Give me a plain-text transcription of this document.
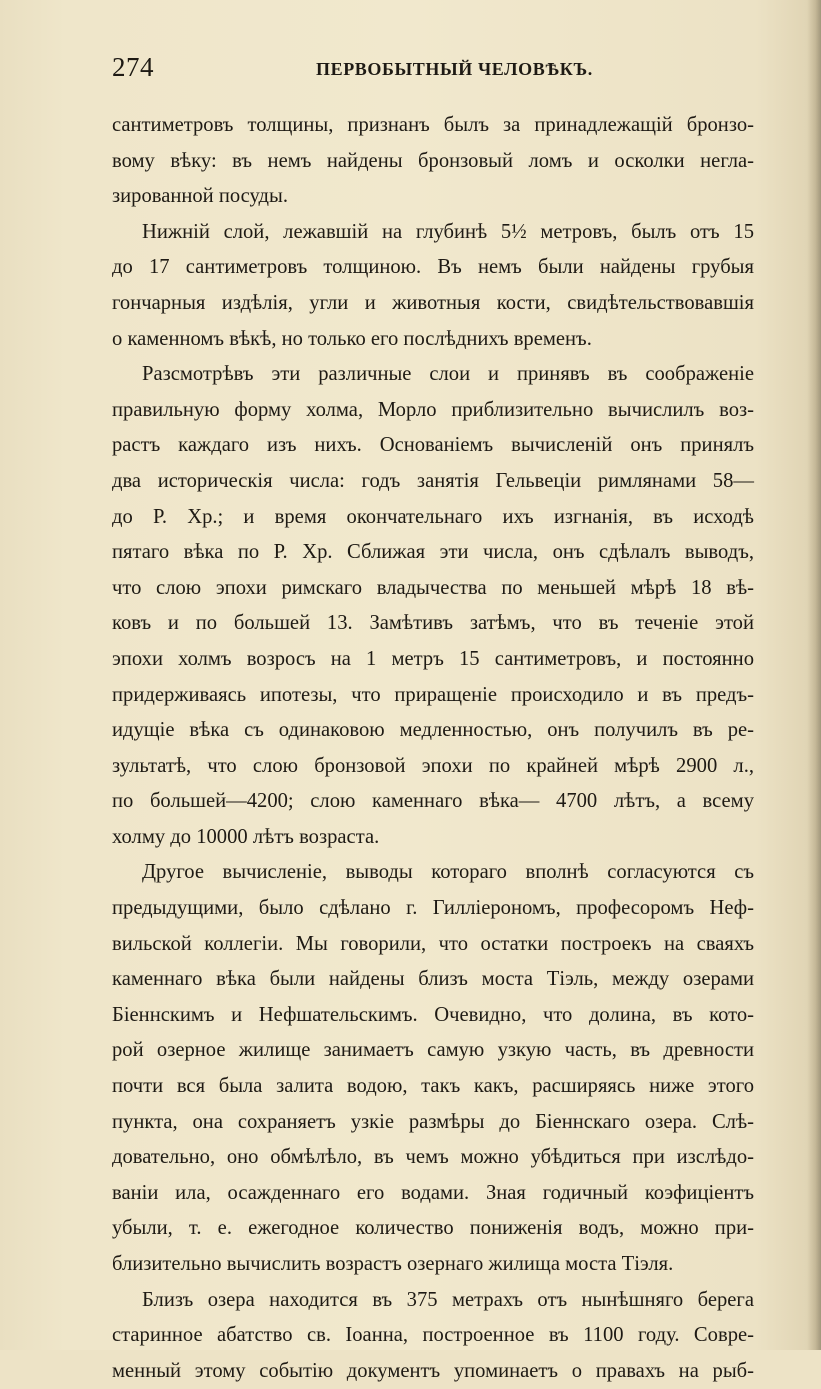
274	ПЕРВОБЫТНЫЙ ЧЕЛОВѢКЪ.

сантиметровъ толщины, признанъ былъ за принадлежащій бронзо-
вому вѣку: въ немъ найдены бронзовый ломъ и осколки негла-
зированной посуды.

Нижній слой, лежавшій на глубинѣ 5½ метровъ, былъ отъ 15
до 17 сантиметровъ толщиною. Въ немъ были найдены грубыя
гончарныя издѣлія, угли и животныя кости, свидѣтельствовавшія
о каменномъ вѣкѣ, но только его послѣднихъ временъ.

Разсмотрѣвъ эти различные слои и принявъ въ соображеніе
правильную форму холма, Морло приблизительно вычислилъ воз-
растъ каждаго изъ нихъ. Основаніемъ вычисленій онъ принялъ
два историческія числа: годъ занятія Гельвеціи римлянами 58—
до Р. Хр.; и время окончательнаго ихъ изгнанія, въ исходѣ
пятаго вѣка по Р. Хр. Сближая эти числа, онъ сдѣлалъ выводъ,
что слою эпохи римскаго владычества по меньшей мѣрѣ 18 вѣ-
ковъ и по большей 13. Замѣтивъ затѣмъ, что въ теченіе этой
эпохи холмъ возросъ на 1 метръ 15 сантиметровъ, и постоянно
придерживаясь ипотезы, что приращеніе происходило и въ предъ-
идущіе вѣка съ одинаковою медленностью, онъ получилъ въ ре-
зультатѣ, что слою бронзовой эпохи по крайней мѣрѣ 2900 л.,
по большей—4200; слою каменнаго вѣка— 4700 лѣтъ, а всему
холму до 10000 лѣтъ возраста.

Другое вычисленіе, выводы котораго вполнѣ согласуются съ
предыдущими, было сдѣлано г. Гилліерономъ, професоромъ Неф-
вильской коллегіи. Мы говорили, что остатки построекъ на сваяхъ
каменнаго вѣка были найдены близъ моста Тіэль, между озерами
Біеннскимъ и Нефшательскимъ. Очевидно, что долина, въ кото-
рой озерное жилище занимаетъ самую узкую часть, въ древности
почти вся была залита водою, такъ какъ, расширяясь ниже этого
пункта, она сохраняетъ узкіе размѣры до Біеннскаго озера. Слѣ-
довательно, оно обмѣлѣло, въ чемъ можно убѣдиться при изслѣдо-
ваніи ила, осажденнаго его водами. Зная годичный коэфиціентъ
убыли, т. е. ежегодное количество пониженія водъ, можно при-
близительно вычислить возрастъ озернаго жилища моста Тіэля.

Близъ озера находится въ 375 метрахъ отъ нынѣшняго берега
старинное абатство св. Іоанна, построенное въ 1100 году. Совре-
менный этому событію документъ упоминаетъ о правахъ на рыб-
